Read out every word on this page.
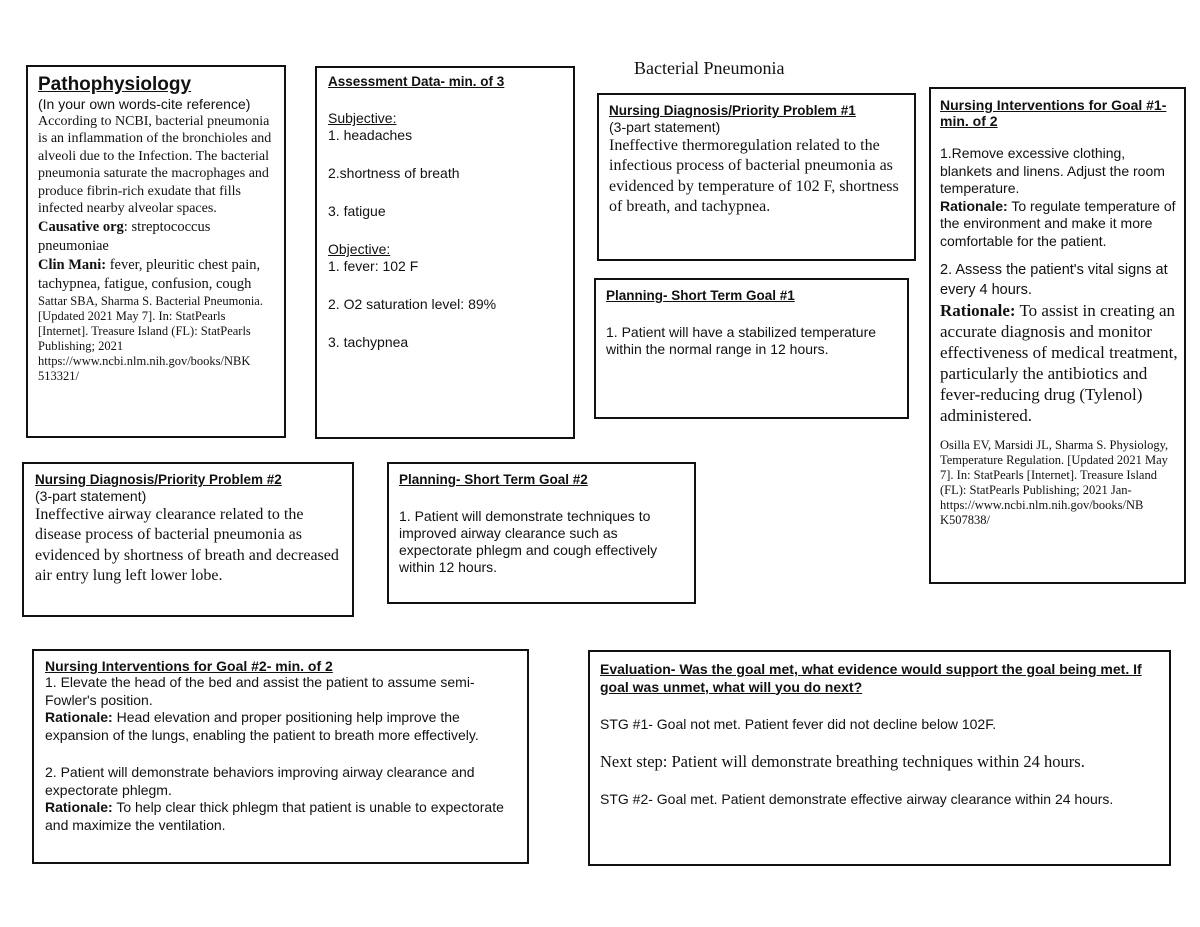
Bacterial Pneumonia
Pathophysiology
(In your own words-cite reference)
According to NCBI, bacterial pneumonia is an inflammation of the bronchioles and alveoli due to the Infection. The bacterial pneumonia saturate the macrophages and produce fibrin-rich exudate that fills infected nearby alveolar spaces.
Causative org: streptococcus pneumoniae
Clin Mani: fever, pleuritic chest pain, tachypnea, fatigue, confusion, cough
Sattar SBA, Sharma S. Bacterial Pneumonia. [Updated 2021 May 7]. In: StatPearls [Internet]. Treasure Island (FL): StatPearls Publishing; 2021 https://www.ncbi.nlm.nih.gov/books/NBK 513321/
Assessment Data- min. of 3
Subjective:
1. headaches
2.shortness of breath
3. fatigue
Objective:
1. fever: 102 F
2. O2 saturation level: 89%
3. tachypnea
Nursing Diagnosis/Priority Problem #1
(3-part statement)
Ineffective thermoregulation related to the infectious process of bacterial pneumonia as evidenced by temperature of 102 F, shortness of breath, and tachypnea.
Planning- Short Term Goal #1
1. Patient will have a stabilized temperature within the normal range in 12 hours.
Nursing Interventions for Goal #1- min. of 2
1.Remove excessive clothing, blankets and linens. Adjust the room temperature.
Rationale: To regulate temperature of the environment and make it more comfortable for the patient.
2. Assess the patient's vital signs at every 4 hours.
Rationale: To assist in creating an accurate diagnosis and monitor effectiveness of medical treatment, particularly the antibiotics and fever-reducing drug (Tylenol) administered.
Osilla EV, Marsidi JL, Sharma S. Physiology, Temperature Regulation. [Updated 2021 May 7]. In: StatPearls [Internet]. Treasure Island (FL): StatPearls Publishing; 2021 Jan-https://www.ncbi.nlm.nih.gov/books/NB K507838/
Nursing Diagnosis/Priority Problem #2
(3-part statement)
Ineffective airway clearance related to the disease process of bacterial pneumonia as evidenced by shortness of breath and decreased air entry lung left lower lobe.
Planning- Short Term Goal #2
1. Patient will demonstrate techniques to improved airway clearance such as expectorate phlegm and cough effectively within 12 hours.
Nursing Interventions for Goal #2- min. of 2
1. Elevate the head of the bed and assist the patient to assume semi-Fowler's position.
Rationale: Head elevation and proper positioning help improve the expansion of the lungs, enabling the patient to breath more effectively.
2. Patient will demonstrate behaviors improving airway clearance and expectorate phlegm.
Rationale: To help clear thick phlegm that patient is unable to expectorate and maximize the ventilation.
Evaluation- Was the goal met, what evidence would support the goal being met. If goal was unmet, what will you do next?
STG #1- Goal not met. Patient fever did not decline below 102F.
Next step: Patient will demonstrate breathing techniques within 24 hours.
STG #2- Goal met. Patient demonstrate effective airway clearance within 24 hours.
